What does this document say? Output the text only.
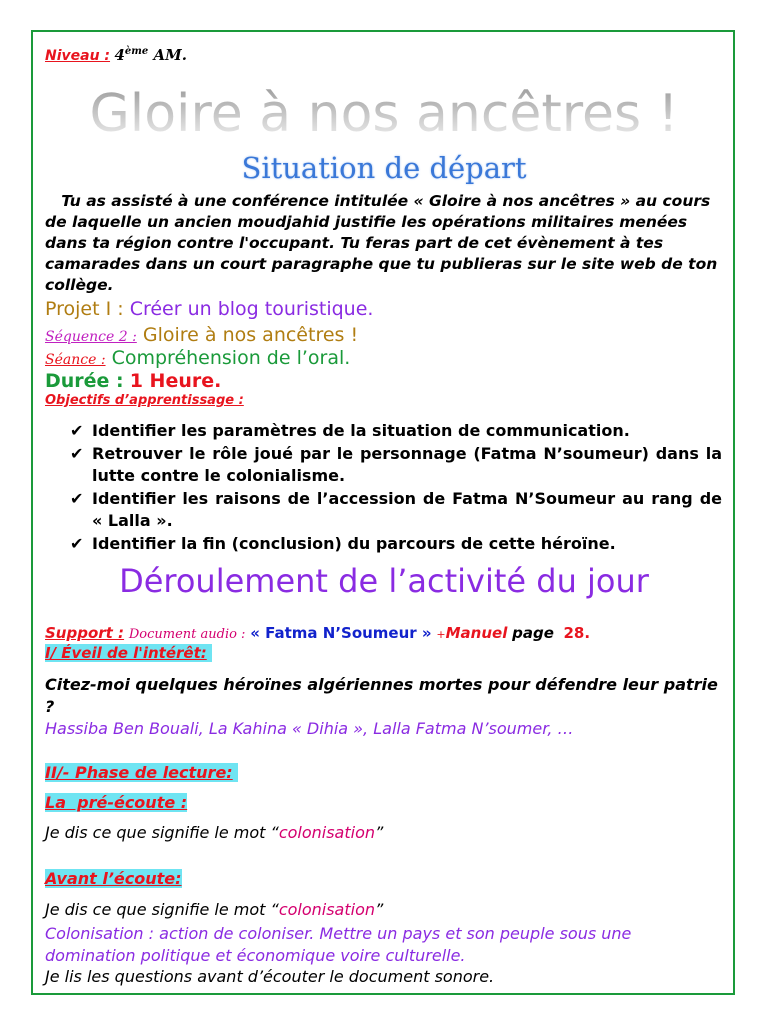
Niveau : 4ème AM.
Gloire à nos ancêtres !
Situation de départ
Tu as assisté à une conférence intitulée « Gloire à nos ancêtres » au cours de laquelle un ancien moudjahid justifie les opérations militaires menées dans ta région contre l'occupant. Tu feras part de cet évènement à tes camarades dans un court paragraphe que tu publieras sur le site web de ton collège.
Projet I : Créer un blog touristique.
Séquence 2 : Gloire à nos ancêtres !
Séance : Compréhension de l’oral.
Durée : 1 Heure.
Objectifs d’apprentissage :
✔ Identifier les paramètres de la situation de communication.
✔ Retrouver le rôle joué par le personnage (Fatma N’soumeur) dans la lutte contre le colonialisme.
✔ Identifier les raisons de l’accession de Fatma N’Soumeur au rang de « Lalla ».
✔ Identifier la fin (conclusion) du parcours de cette héroïne.
Déroulement de l’activité du jour
Support : Document audio : « Fatma N’Soumeur » +Manuel page 28.
I/ Éveil de l'intérêt:
Citez-moi quelques héroïnes algériennes mortes pour défendre leur patrie ?
Hassiba Ben Bouali, La Kahina « Dihia », Lalla Fatma N’soumer, …
II/- Phase de lecture:
La  pré-écoute :
Je dis ce que signifie le mot “colonisation”
Avant l’écoute:
Je dis ce que signifie le mot “colonisation”
Colonisation : action de coloniser. Mettre un pays et son peuple sous une domination politique et économique voire culturelle.
Je lis les questions avant d’écouter le document sonore.
